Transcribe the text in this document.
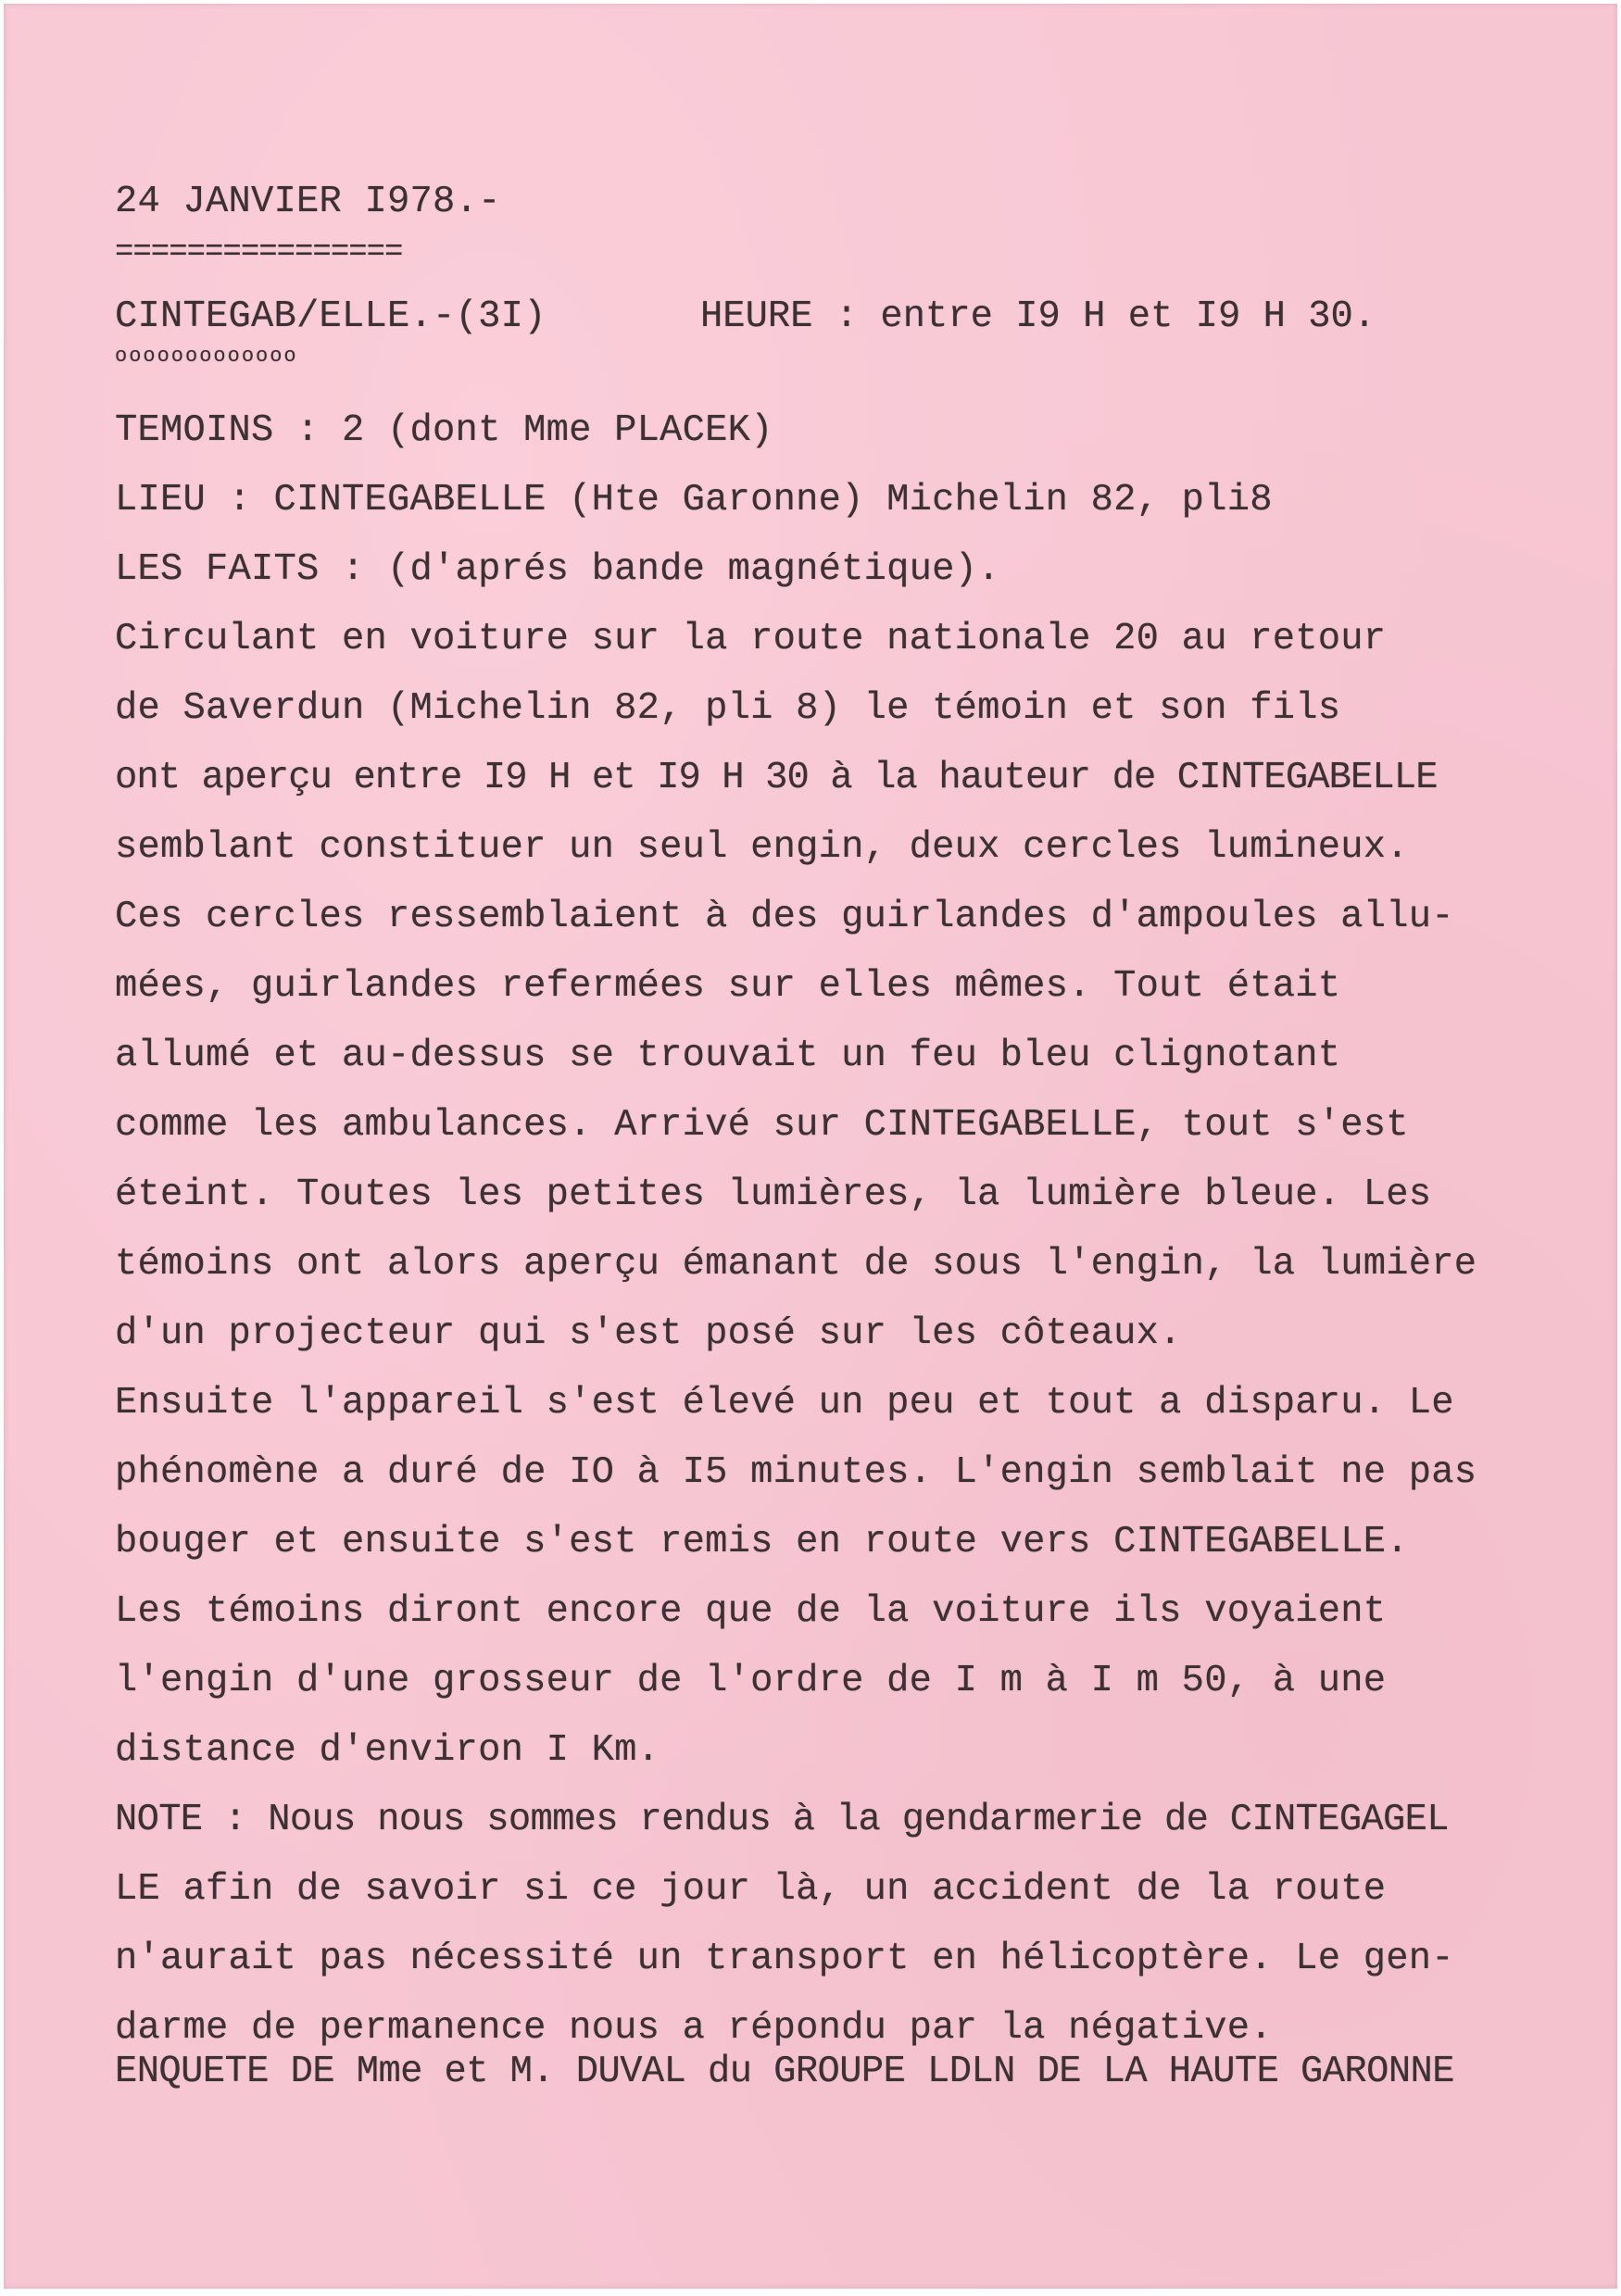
24 JANVIER I978.-

================

CINTEGAB/ELLE.-(3I)	HEURE : entre I9 H et I9 H 30.

ooooooooooooo

TEMOINS : 2 (dont Mme PLACEK)

LIEU : CINTEGABELLE (Hte Garonne) Michelin 82, pli8

LES FAITS : (d'aprés bande magnétique).

Circulant en voiture sur la route nationale 20 au retour

de Saverdun (Michelin 82, pli 8) le témoin et son fils

ont aperçu entre I9 H et I9 H 30 à la hauteur de CINTEGABELLE

semblant constituer un seul engin, deux cercles lumineux.

Ces cercles ressemblaient à des guirlandes d'ampoules allu-

mées, guirlandes refermées sur elles mêmes. Tout était

allumé et au-dessus se trouvait un feu bleu clignotant

comme les ambulances. Arrivé sur CINTEGABELLE, tout s'est

éteint. Toutes les petites lumières, la lumière bleue. Les

témoins ont alors aperçu émanant de sous l'engin, la lumière

d'un projecteur qui s'est posé sur les côteaux.

Ensuite l'appareil s'est élevé un peu et tout a disparu. Le

phénomène a duré de IO à I5 minutes. L'engin semblait ne pas

bouger et ensuite s'est remis en route vers CINTEGABELLE.

Les témoins diront encore que de la voiture ils voyaient

l'engin d'une grosseur de l'ordre de I m à I m 50, à une

distance d'environ I Km.

NOTE : Nous nous sommes rendus à la gendarmerie de CINTEGAGEL

LE afin de savoir si ce jour là, un accident de la route

n'aurait pas nécessité un transport en hélicoptère. Le gen-

darme de permanence nous a répondu par la négative.

ENQUETE DE Mme et M. DUVAL du GROUPE LDLN DE LA HAUTE GARONNE
